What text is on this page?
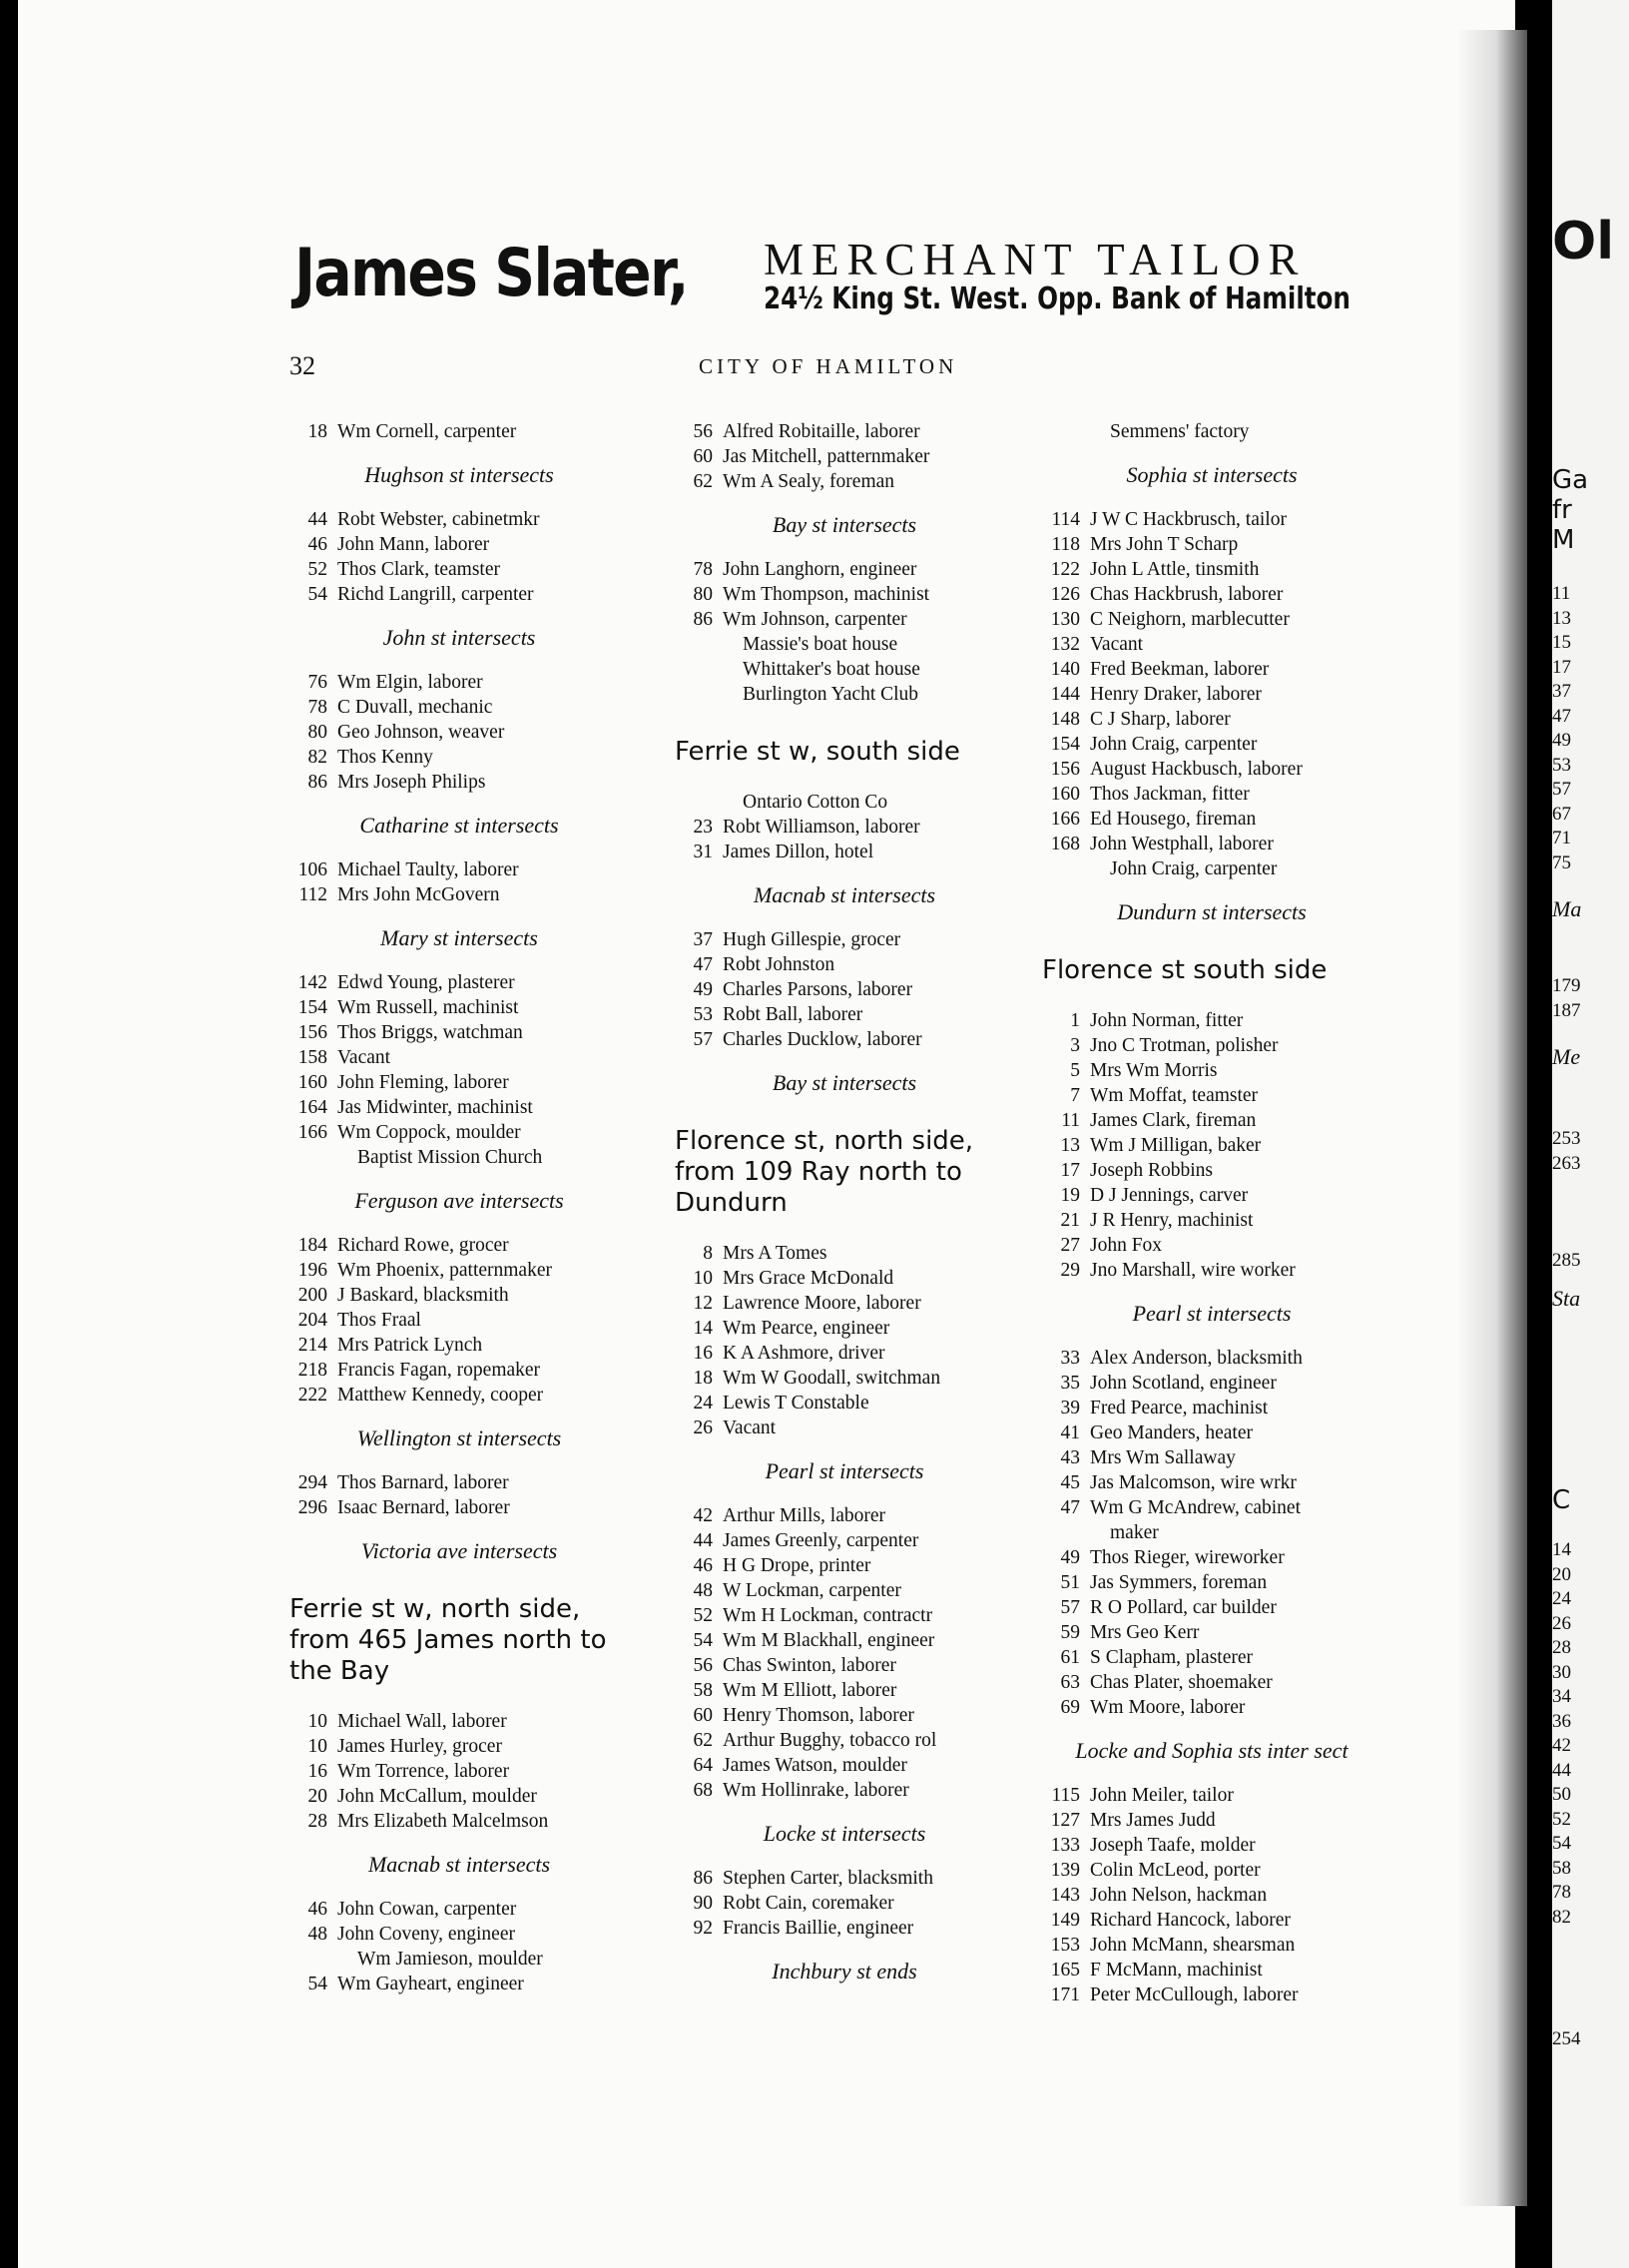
James Slater, MERCHANT TAILOR
24½ King St. West. Opp. Bank of Hamilton
32	CITY OF HAMILTON
18 Wm Cornell, carpenter
Hughson st intersects
44 Robt Webster, cabinetmkr
46 John Mann, laborer
52 Thos Clark, teamster
54 Richd Langrill, carpenter
John st intersects
76 Wm Elgin, laborer
78 C Duvall, mechanic
80 Geo Johnson, weaver
82 Thos Kenny
86 Mrs Joseph Philips
Catharine st intersects
106 Michael Taulty, laborer
112 Mrs John McGovern
Mary st intersects
142 Edwd Young, plasterer
154 Wm Russell, machinist
156 Thos Briggs, watchman
158 Vacant
160 John Fleming, laborer
164 Jas Midwinter, machinist
166 Wm Coppock, moulder
Baptist Mission Church
Ferguson ave intersects
184 Richard Rowe, grocer
196 Wm Phoenix, patternmaker
200 J Baskard, blacksmith
204 Thos Fraal
214 Mrs Patrick Lynch
218 Francis Fagan, ropemaker
222 Matthew Kennedy, cooper
Wellington st intersects
294 Thos Barnard, laborer
296 Isaac Bernard, laborer
Victoria ave intersects
Ferrie st w, north side, from 465 James north to the Bay
10 Michael Wall, laborer
10 James Hurley, grocer
16 Wm Torrence, laborer
20 John McCallum, moulder
28 Mrs Elizabeth Malcelmson
Macnab st intersects
46 John Cowan, carpenter
48 John Coveny, engineer
Wm Jamieson, moulder
54 Wm Gayheart, engineer
56 Alfred Robitaille, laborer
60 Jas Mitchell, patternmaker
62 Wm A Sealy, foreman
Bay st intersects
78 John Langhorn, engineer
80 Wm Thompson, machinist
86 Wm Johnson, carpenter
Massie's boat house
Whittaker's boat house
Burlington Yacht Club
Ferrie st w, south side
Ontario Cotton Co
23 Robt Williamson, laborer
31 James Dillon, hotel
Macnab st intersects
37 Hugh Gillespie, grocer
47 Robt Johnston
49 Charles Parsons, laborer
53 Robt Ball, laborer
57 Charles Ducklow, laborer
Bay st intersects
Florence st, north side, from 109 Ray north to Dundurn
8 Mrs A Tomes
10 Mrs Grace McDonald
12 Lawrence Moore, laborer
14 Wm Pearce, engineer
16 K A Ashmore, driver
18 Wm W Goodall, switchman
24 Lewis T Constable
26 Vacant
Pearl st intersects
42 Arthur Mills, laborer
44 James Greenly, carpenter
46 H G Drope, printer
48 W Lockman, carpenter
52 Wm H Lockman, contractr
54 Wm M Blackhall, engineer
56 Chas Swinton, laborer
58 Wm M Elliott, laborer
60 Henry Thomson, laborer
62 Arthur Bugghy, tobacco rol
64 James Watson, moulder
68 Wm Hollinrake, laborer
Locke st intersects
86 Stephen Carter, blacksmith
90 Robt Cain, coremaker
92 Francis Baillie, engineer
Inchbury st ends
Semmens' factory
Sophia st intersects
114 J W C Hackbrusch, tailor
118 Mrs John T Scharp
122 John L Attle, tinsmith
126 Chas Hackbrush, laborer
130 C Neighorn, marblecutter
132 Vacant
140 Fred Beekman, laborer
144 Henry Draker, laborer
148 C J Sharp, laborer
154 John Craig, carpenter
156 August Hackbusch, laborer
160 Thos Jackman, fitter
166 Ed Housego, fireman
168 John Westphall, laborer
John Craig, carpenter
Dundurn st intersects
Florence st south side
1 John Norman, fitter
3 Jno C Trotman, polisher
5 Mrs Wm Morris
7 Wm Moffat, teamster
11 James Clark, fireman
13 Wm J Milligan, baker
17 Joseph Robbins
19 D J Jennings, carver
21 J R Henry, machinist
27 John Fox
29 Jno Marshall, wire worker
Pearl st intersects
33 Alex Anderson, blacksmith
35 John Scotland, engineer
39 Fred Pearce, machinist
41 Geo Manders, heater
43 Mrs Wm Sallaway
45 Jas Malcomson, wire wrkr
47 Wm G McAndrew, cabinet
maker
49 Thos Rieger, wireworker
51 Jas Symmers, foreman
57 R O Pollard, car builder
59 Mrs Geo Kerr
61 S Clapham, plasterer
63 Chas Plater, shoemaker
69 Wm Moore, laborer
Locke and Sophia sts inter sect
115 John Meiler, tailor
127 Mrs James Judd
133 Joseph Taafe, molder
139 Colin McLeod, porter
143 John Nelson, hackman
149 Richard Hancock, laborer
153 John McMann, shearsman
165 F McMann, machinist
171 Peter McCullough, laborer
Ol
Ga
fr
M
11
13
15
17
37
47
49
53
57
67
71
75
Ma
179
187
Me
253
263
285
Sta
C
14
20
24
26
28
30
34
36
42
44
50
52
54
58
78
82
254
